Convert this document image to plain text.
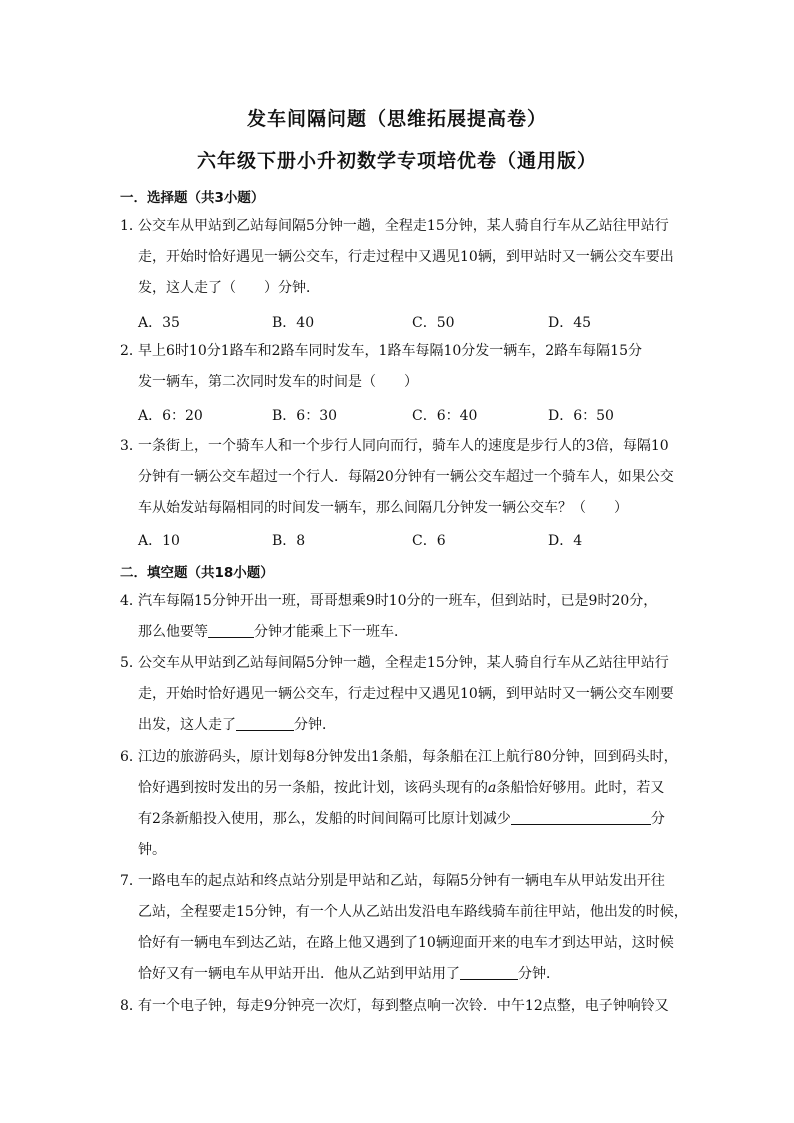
发车间隔问题（思维拓展提高卷）
六年级下册小升初数学专项培优卷（通用版）
一．选择题（共3小题）
1．公交车从甲站到乙站每间隔5分钟一趟，全程走15分钟，某人骑自行车从乙站往甲站行
走，开始时恰好遇见一辆公交车，行走过程中又遇见10辆，到甲站时又一辆公交车要出
发，这人走了（　　）分钟．
A．35	B．40	C．50	D．45
2．早上6时10分1路车和2路车同时发车，1路车每隔10分发一辆车，2路车每隔15分
发一辆车，第二次同时发车的时间是（　　）
A．6：20	B．6：30	C．6：40	D．6：50
3．一条街上，一个骑车人和一个步行人同向而行，骑车人的速度是步行人的3倍，每隔10
分钟有一辆公交车超过一个行人．每隔20分钟有一辆公交车超过一个骑车人，如果公交
车从始发站每隔相同的时间发一辆车，那么间隔几分钟发一辆公交车？（　　）
A．10	B．8	C．6	D．4
二．填空题（共18小题）
4．汽车每隔15分钟开出一班，哥哥想乘9时10分的一班车，但到站时，已是9时20分，
那么他要等	分钟才能乘上下一班车．
5．公交车从甲站到乙站每间隔5分钟一趟，全程走15分钟，某人骑自行车从乙站往甲站行
走，开始时恰好遇见一辆公交车，行走过程中又遇见10辆，到甲站时又一辆公交车刚要
出发，这人走了	分钟．
6．江边的旅游码头，原计划每8分钟发出1条船，每条船在江上航行80分钟，回到码头时，
恰好遇到按时发出的另一条船，按此计划，该码头现有的a条船恰好够用。此时，若又
有2条新船投入使用，那么，发船的时间间隔可比原计划减少	分
钟。
7．一路电车的起点站和终点站分别是甲站和乙站，每隔5分钟有一辆电车从甲站发出开往
乙站，全程要走15分钟，有一个人从乙站出发沿电车路线骑车前往甲站，他出发的时候，
恰好有一辆电车到达乙站，在路上他又遇到了10辆迎面开来的电车才到达甲站，这时候
恰好又有一辆电车从甲站开出．他从乙站到甲站用了	分钟．
8．有一个电子钟，每走9分钟亮一次灯，每到整点响一次铃．中午12点整，电子钟响铃又
